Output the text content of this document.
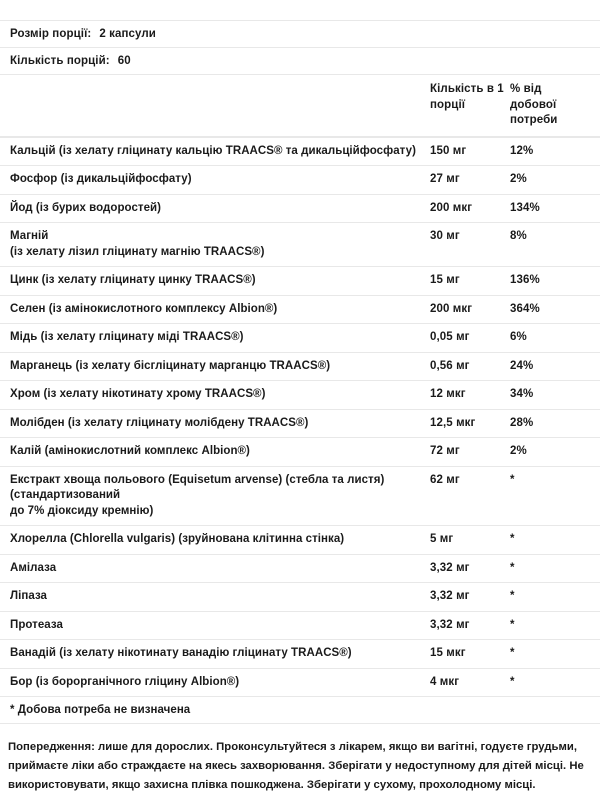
Розмір порції: 2 капсули
Кількість порцій: 60
Кількість в 1 порції
% від добової потреби
Кальцій (із хелату гліцинату кальцію TRAACS® та дикальційфосфату)	150 мг	12%
Фосфор (із дикальційфосфату)	27 мг	2%
Йод (із бурих водоростей)	200 мкг	134%
Магній
(із хелату лізил гліцинату магнію TRAACS®)
30 мг	8%
Цинк (із хелату гліцинату цинку TRAACS®)	15 мг	136%
Селен (із амінокислотного комплексу Albion®)	200 мкг	364%
Мідь (із хелату гліцинату міді TRAACS®)	0,05 мг	6%
Марганець (із хелату бісгліцинату марганцю TRAACS®)	0,56 мг	24%
Хром (із хелату нікотинату хрому TRAACS®)	12 мкг	34%
Молібден (із хелату гліцинату молібдену TRAACS®)	12,5 мкг	28%
Калій (амінокислотний комплекс Albion®)	72 мг	2%
Екстракт хвоща польового (Equisetum arvense) (стебла та листя) (стандартизований
до 7% діоксиду кремнію)
62 мг	*
Хлорелла (Chlorella vulgaris) (зруйнована клітинна стінка)	5 мг	*
Амілаза	3,32 мг	*
Ліпаза	3,32 мг	*
Протеаза	3,32 мг	*
Ванадій (із хелату нікотинату ванадію гліцинату TRAACS®)	15 мкг	*
Бор (із борорганічного гліцину Albion®)	4 мкг	*
* Добова потреба не визначена
Попередження: лише для дорослих. Проконсультуйтеся з лікарем, якщо ви вагітні, годуєте грудьми, приймаєте ліки або страждаєте на якесь захворювання. Зберігати у недоступному для дітей місці. Не використовувати, якщо захисна плівка пошкоджена. Зберігати у сухому, прохолодному місці.
